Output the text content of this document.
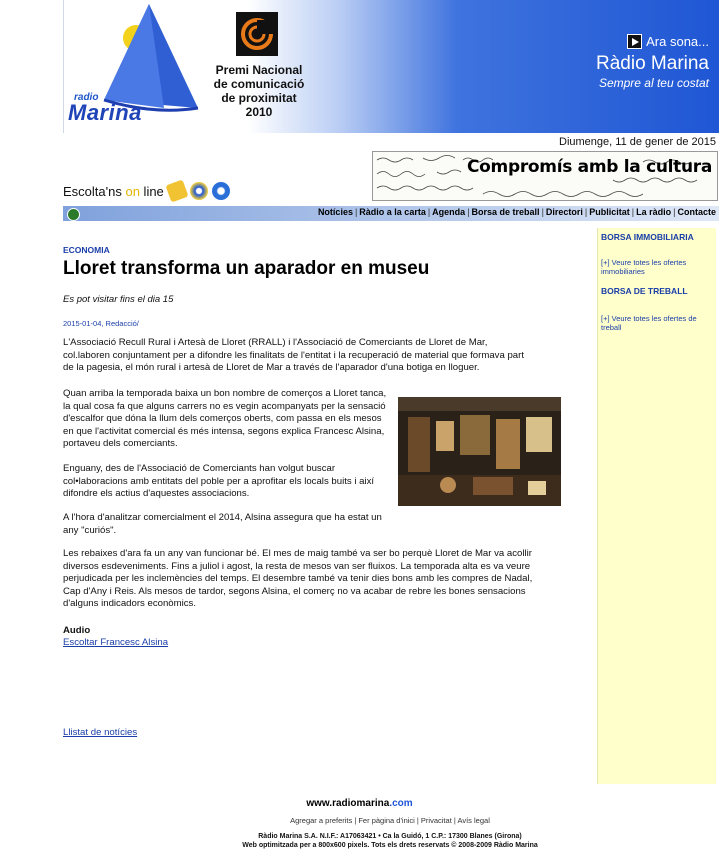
radio
Marina
Premi Nacional
de comunicació
de proximitat
2010
Ara sona...
Ràdio Marina
Sempre al teu costat
Diumenge, 11 de gener de 2015
Compromís amb la cultura
Escolta'ns on line
Notícies | Ràdio a la carta | Agenda | Borsa de treball | Directori | Publicitat | La ràdio | Contacte
BORSA IMMOBILIARIA
[+] Veure totes les ofertes immobiliaries
BORSA DE TREBALL
[+] Veure totes les ofertes de treball
ECONOMIA
Lloret transforma un aparador en museu
Es pot visitar fins el dia 15
2015-01-04, Redacció/

L'Associació Recull Rural i Artesà de Lloret (RRALL) i l'Associació de Comerciants de Lloret de Mar, col.laboren conjuntament per a difondre les finalitats de l'entitat i la recuperació de material que formava part de la pagesia, el món rural i artesà de Lloret de Mar a través de l'aparador d'una botiga en lloguer.

Quan arriba la temporada baixa un bon nombre de comerços a Lloret tanca, la qual cosa fa que alguns carrers no es vegin acompanyats per la sensació d'escalfor que dóna la llum dels comerços oberts, com passa en els mesos en que l'activitat comercial és més intensa, segons explica Francesc Alsina, portaveu dels comerciants.

Enguany, des de l'Associació de Comerciants han volgut buscar col•laboracions amb entitats del poble per a aprofitar els locals buits i així difondre els actius d'aquestes associacions.

A l'hora d'analitzar comercialment el 2014, Alsina assegura que ha estat un any "curiós".

Les rebaixes d'ara fa un any van funcionar bé. El mes de maig també va ser bo perquè Lloret de Mar va acollir diversos esdeveniments. Fins a juliol i agost, la resta de mesos van ser fluixos. La temporada alta es va veure perjudicada per les inclemències del temps. El desembre també va tenir dies bons amb les compres de Nadal, Cap d'Any i Reis. Als mesos de tardor, segons Alsina, el comerç no va acabar de rebre les bones sensacions d'alguns indicadors econòmics.

Audio
Escoltar Francesc Alsina
Llistat de notícies
www.radiomarina.com
Agregar a preferits | Fer pàgina d'inici | Privacitat | Avís legal
Ràdio Marina S.A. N.I.F.: A17063421 • Ca la Guidó, 1 C.P.: 17300 Blanes (Girona)
Web optimitzada per a 800x600 pixels. Tots els drets reservats © 2008-2009 Ràdio Marina
